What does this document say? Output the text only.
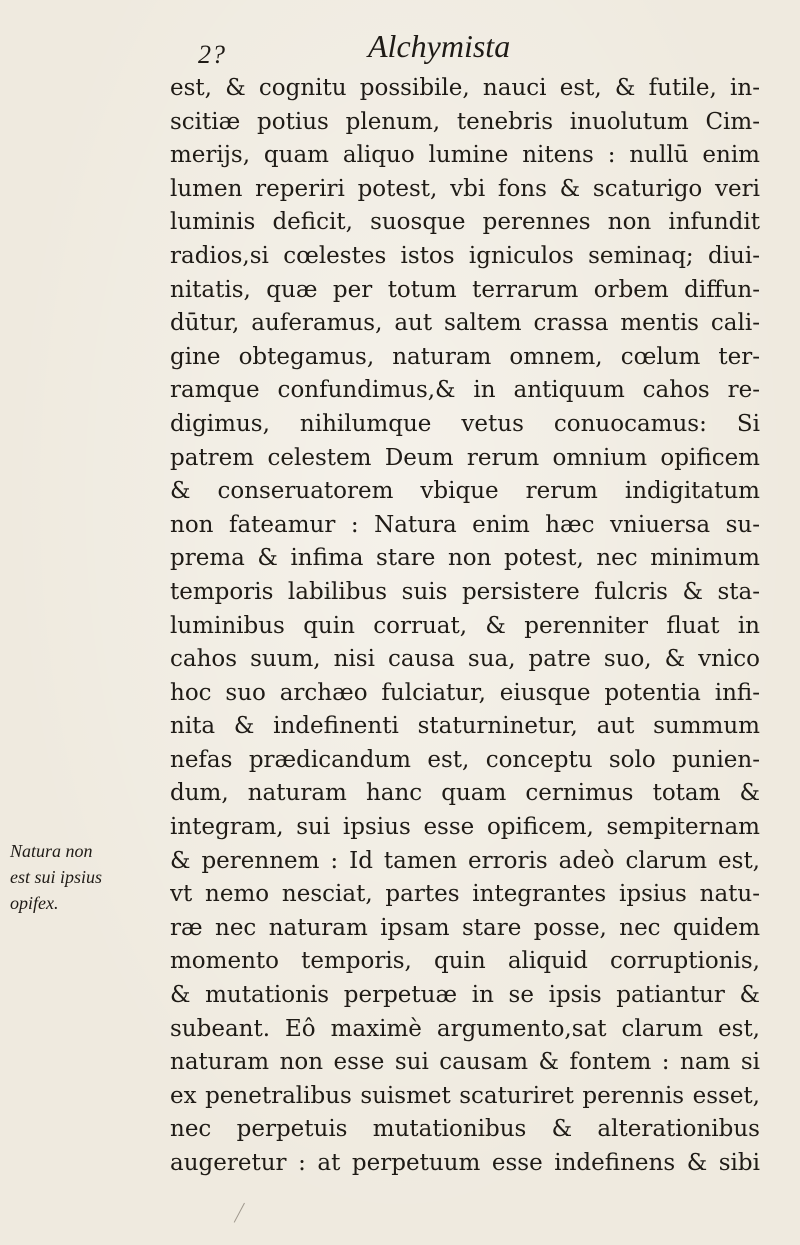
2?	Alchymista
Natura non
est sui ipsius
opifex.
est, & cognitu possibile, nauci est, & futile, in-
scitiæ potius plenum, tenebris inuolutum Cim-
merijs, quam aliquo lumine nitens : nullū enim
lumen reperiri potest, vbi fons & scaturigo veri
luminis deficit, suosque perennes non infundit
radios,si cœlestes istos igniculos seminaq; diui-
nitatis, quæ per totum terrarum orbem diffun-
dūtur, auferamus, aut saltem crassa mentis cali-
gine obtegamus, naturam omnem, cœlum ter-
ramque confundimus,& in antiquum cahos re-
digimus, nihilumque vetus conuocamus: Si
patrem celestem Deum rerum omnium opificem
& conseruatorem vbique rerum indigitatum
non fateamur : Natura enim hæc vniuersa su-
prema & infima stare non potest, nec minimum
temporis labilibus suis persistere fulcris & sta-
luminibus quin corruat, & perenniter fluat in
cahos suum, nisi causa sua, patre suo, & vnico
hoc suo archæo fulciatur, eiusque potentia infi-
nita & indefinenti staturninetur, aut summum
nefas prædicandum est, conceptu solo punien-
dum, naturam hanc quam cernimus totam &
integram, sui ipsius esse opificem, sempiternam
& perennem : Id tamen erroris adeò clarum est,
vt nemo nesciat, partes integrantes ipsius natu-
ræ nec naturam ipsam stare posse, nec quidem
momento temporis, quin aliquid corruptionis,
& mutationis perpetuæ in se ipsis patiantur &
subeant. Eô maximè argumento,sat clarum est,
naturam non esse sui causam & fontem : nam si
ex penetralibus suismet scaturiret perennis esset,
nec perpetuis mutationibus & alterationibus
augeretur : at perpetuum esse indefinens & sibi
